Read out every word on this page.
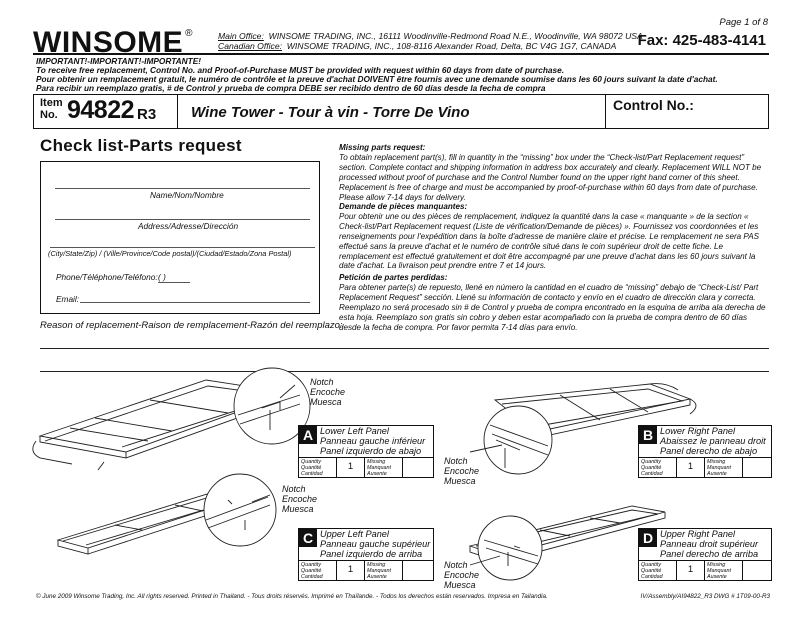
WINSOME ®	Main Office: WINSOME TRADING, INC., 16111 Woodinville-Redmond Road N.E., Woodinville, WA 98072 USA
Canadian Office: WINSOME TRADING, INC., 108-8116 Alexander Road, Delta, BC V4G 1G7, CANADA
Page 1 of 8
Fax: 425-483-4141
IMPORTANT!-IMPORTANT!-IMPORTANTE!
To receive free replacement, Control No. and Proof-of-Purchase MUST be provided with request within 60 days from date of purchase.
Pour obtenir un remplacement gratuit, le numéro de contrôle et la preuve d'achat DOIVENT être fournis avec une demande soumise dans les 60 jours suivant la date d'achat.
Para recibir un reemplazo gratis, # de Control y prueba de compra DEBE ser recibido dentro de 60 días desde la fecha de compra
Item
No. 94822 R3 Wine Tower - Tour à vin - Torre De Vino	Control No.:
Check list-Parts request
Name/Nom/Nombre
Address/Adresse/Dirección
(City/State/Zip) / (Ville/Province/Code postal)/(Ciudad/Estado/Zona Postal)
Phone/Téléphone/Teléfono: ( )
Email:
Reason of replacement-Raison de remplacement-Razón del reemplazo:
Missing parts request:
To obtain replacement part(s), fill in quantity in the “missing” box under the “Check-list/Part Replacement request” section. Complete contact and shipping information in address box accurately and clearly. Replacement WILL NOT be processed without proof of purchase and the Control Number found on the upper right hand corner of this sheet. Replacement is free of charge and must be accompanied by proof-of-purchase within 60 days from date of purchase. Please allow 7-14 days for delivery.
Demande de pièces manquantes:
Pour obtenir une ou des pièces de remplacement, indiquez la quantité dans la case « manquante » de la section « Check-list/Part Replacement request (Liste de vérification/Demande de pièces) ». Fournissez vos coordonnées et les renseignements pour l'expédition dans la boîte d'adresse de manière claire et précise. Le remplacement ne sera PAS effectué sans la preuve d'achat et le numéro de contrôle situé dans le coin supérieur droit de cette fiche. Le remplacement est effectué gratuitement et doit être accompagné par une preuve d'achat dans les 60 jours suivant la date d'achat. La livraison peut prendre entre 7 et 14 jours.
Petición de partes perdidas:
Para obtener parte(s) de repuesto, llené en número la cantidad en el cuadro de “missing” debajo de “Check-List/ Part Replacement Request” sección. Llené su información de contacto y envío en el cuadro de dirección clara y correcta. Reemplazo no será procesado sin # de Control y prueba de compra encontrado en la esquina de arriba ala derecha de esta hoja. Reemplazo son gratis sin cobro y deben estar acompañado con la prueba de compra dentro de 60 días desde la fecha de compra. Por favor permita 7-14 días para envío.
Notch
Encoche
Muesca
Notch
Encoche
Muesca
Notch
Encoche
Muesca
Notch
Encoche
Muesca
A Lower Left Panel
Panneau gauche inférieur
Panel izquierdo de abajo
Quantity
Quantité
Cantidad
1	Missing
Manquant
Ausente
B Lower Right Panel
Abaissez le panneau droit
Panel derecho de abajo
Quantity
Quantité
Cantidad
1	Missing
Manquant
Ausente
C Upper Left Panel
Panneau gauche supérieur
Panel izquierdo de arriba
Quantity
Quantité
Cantidad
1	Missing
Manquant
Ausente
D Upper Right Panel
Panneau droit supérieur
Panel derecho de arriba
Quantity
Quantité
Cantidad
1	Missing
Manquant
Ausente
© June 2009 Winsome Trading, Inc. All rights reserved. Printed in Thailand. - Tous droits réservés. Imprimé en Thaïlande. - Todos los derechos están reservados. Impresa en Tailandia.	IV/Assembly/AI94822_R3 DWG # 1T09-00-R3
